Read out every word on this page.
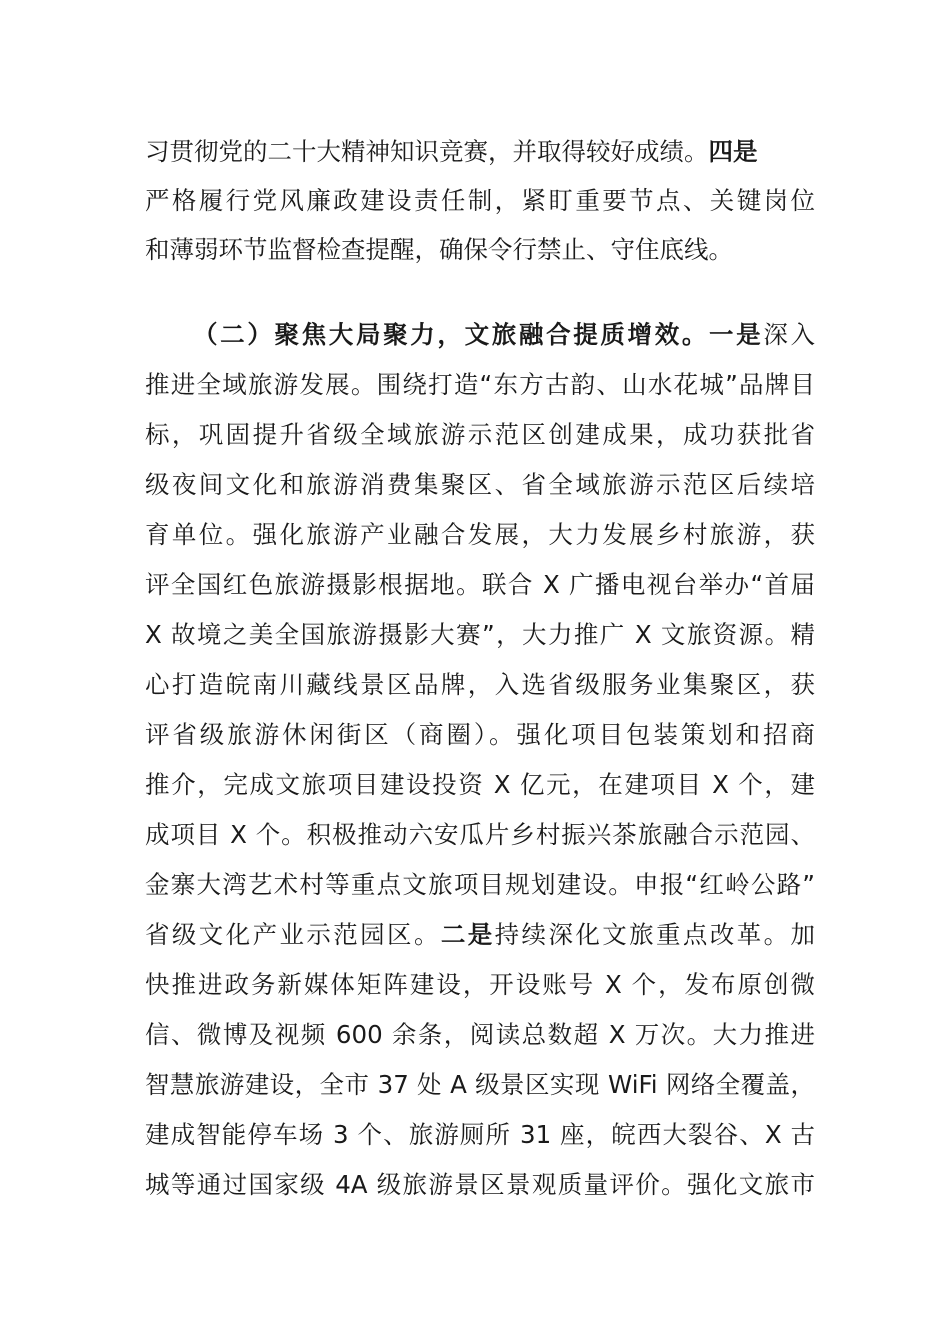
习贯彻党的二十大精神知识竞赛，并取得较好成绩。四是
严格履行党风廉政建设责任制，紧盯重要节点、关键岗位
和薄弱环节监督检查提醒，确保令行禁止、守住底线。
（二）聚焦大局聚力，文旅融合提质增效。一是深入
推进全域旅游发展。围绕打造“东方古韵、山水花城”品牌目
标，巩固提升省级全域旅游示范区创建成果，成功获批省
级夜间文化和旅游消费集聚区、省全域旅游示范区后续培
育单位。强化旅游产业融合发展，大力发展乡村旅游，获
评全国红色旅游摄影根据地。联合 X 广播电视台举办“首届
X 故境之美全国旅游摄影大赛”，大力推广 X 文旅资源。精
心打造皖南川藏线景区品牌，入选省级服务业集聚区，获
评省级旅游休闲街区（商圈）。强化项目包装策划和招商
推介，完成文旅项目建设投资 X 亿元，在建项目 X 个，建
成项目 X 个。积极推动六安瓜片乡村振兴茶旅融合示范园、
金寨大湾艺术村等重点文旅项目规划建设。申报“红岭公路”
省级文化产业示范园区。二是持续深化文旅重点改革。加
快推进政务新媒体矩阵建设，开设账号 X 个，发布原创微
信、微博及视频 600 余条，阅读总数超 X 万次。大力推进
智慧旅游建设，全市 37 处 A 级景区实现 WiFi 网络全覆盖，
建成智能停车场 3 个、旅游厕所 31 座，皖西大裂谷、X 古
城等通过国家级 4A 级旅游景区景观质量评价。强化文旅市
